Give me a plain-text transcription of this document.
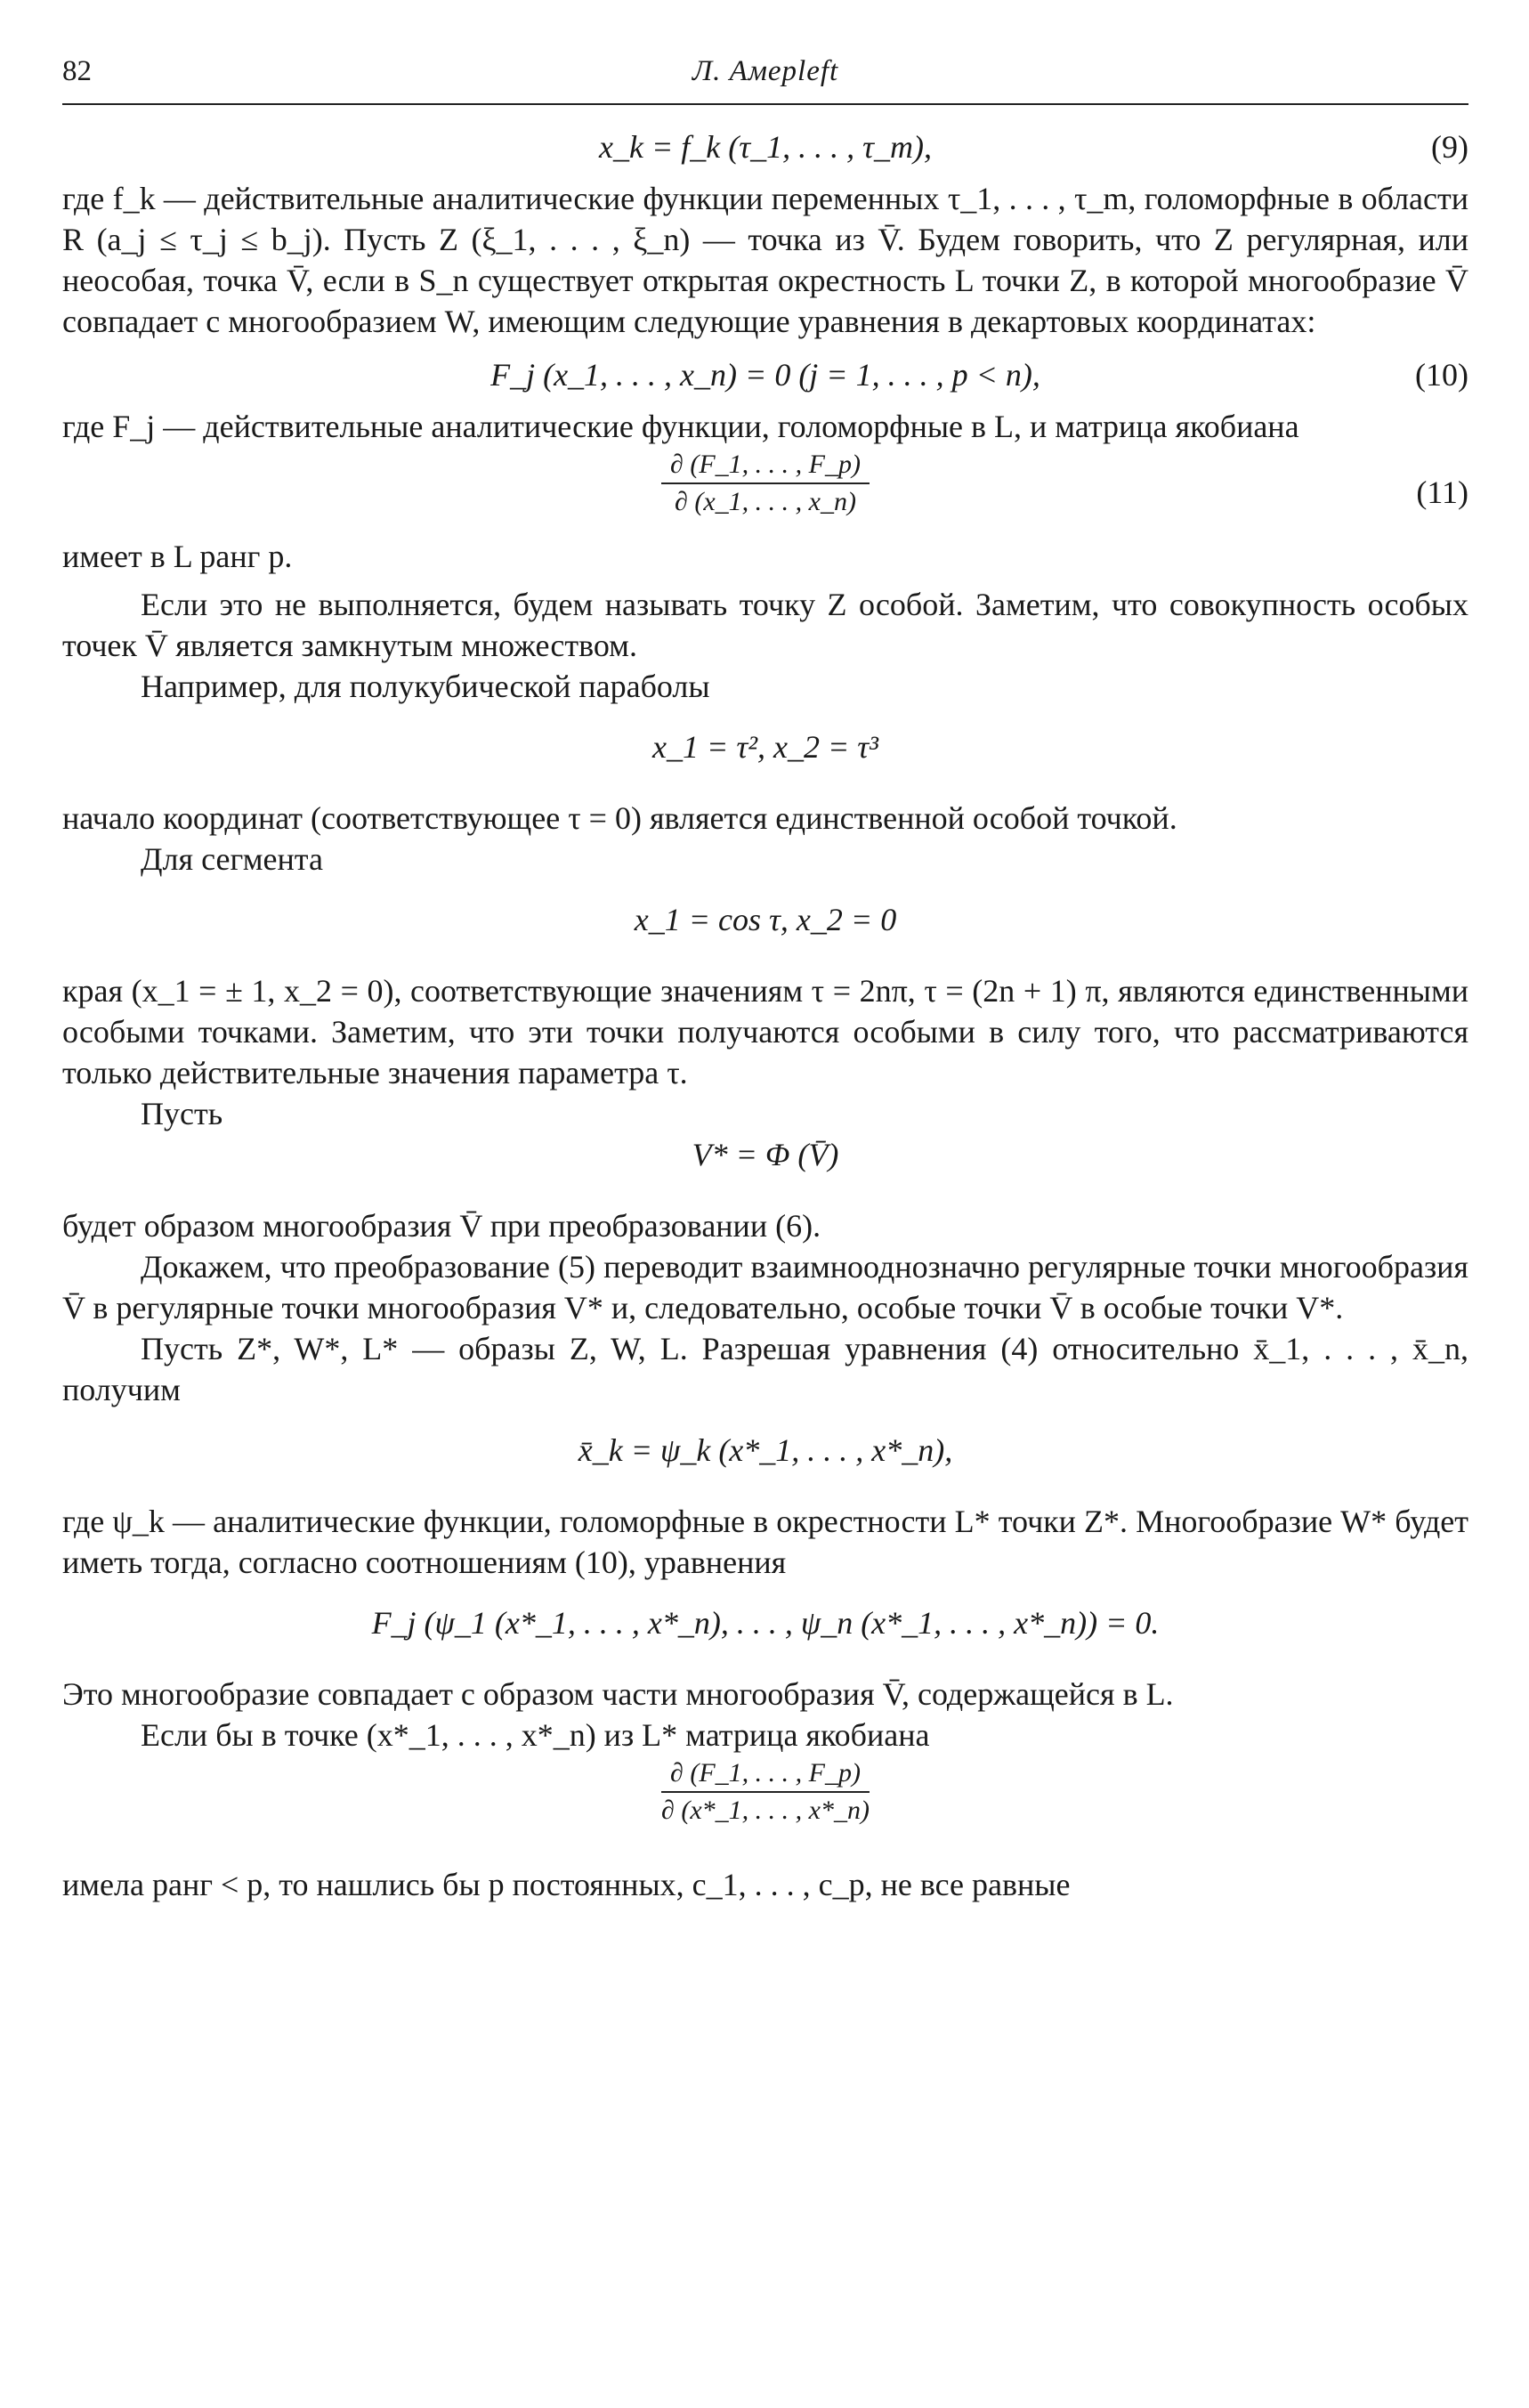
82	Л. Амерleft
x_k = f_k (τ_1, . . . , τ_m),	(9)

где f_k — действительные аналитические функции переменных τ_1, . . . , τ_m, голоморфные в области R (a_j ≤ τ_j ≤ b_j). Пусть Z (ξ_1, . . . , ξ_n) — точка из V̄. Будем говорить, что Z регулярная, или неособая, точка V̄, если в S_n существует открытая окрестность L точки Z, в которой многообразие V̄ совпадает с многообразием W, имеющим следующие уравнения в декартовых координатах:

F_j (x_1, . . . , x_n) = 0 (j = 1, . . . , p < n),	(10)

где F_j — действительные аналитические функции, голоморфные в L, и матрица якобиана

$\frac{\partial (F\_1, . . . , F\_p)}{\partial (x\_1, . . . , x\_n)}$	(11)

имеет в L ранг p.

Если это не выполняется, будем называть точку Z особой. Заметим, что совокупность особых точек V̄ является замкнутым множеством.

Например, для полукубической параболы

x_1 = τ², x_2 = τ³

начало координат (соответствующее τ = 0) является единственной особой точкой.

Для сегмента

x_1 = cos τ, x_2 = 0

края (x_1 = ± 1, x_2 = 0), соответствующие значениям τ = 2nπ, τ = (2n + 1) π, являются единственными особыми точками. Заметим, что эти точки получаются особыми в силу того, что рассматриваются только действительные значения параметра τ.

Пусть

V* = Φ (V̄)

будет образом многообразия V̄ при преобразовании (6).

Докажем, что преобразование (5) переводит взаимнооднозначно регулярные точки многообразия V̄ в регулярные точки многообразия V* и, следовательно, особые точки V̄ в особые точки V*.

Пусть Z*, W*, L* — образы Z, W, L. Разрешая уравнения (4) относительно x̄_1, . . . , x̄_n, получим

x̄_k = ψ_k (x*_1, . . . , x*_n),

где ψ_k — аналитические функции, голоморфные в окрестности L* точки Z*. Многообразие W* будет иметь тогда, согласно соотношениям (10), уравнения

F_j (ψ_1 (x*_1, . . . , x*_n), . . . , ψ_n (x*_1, . . . , x*_n)) = 0.

Это многообразие совпадает с образом части многообразия V̄, содержащейся в L.

Если бы в точке (x*_1, . . . , x*_n) из L* матрица якобиана

$\frac{\partial (F\_1, . . . , F\_p)}{\partial (x*\_1, . . . , x*\_n)}$

имела ранг < p, то нашлись бы p постоянных, c_1, . . . , c_p, не все равные
